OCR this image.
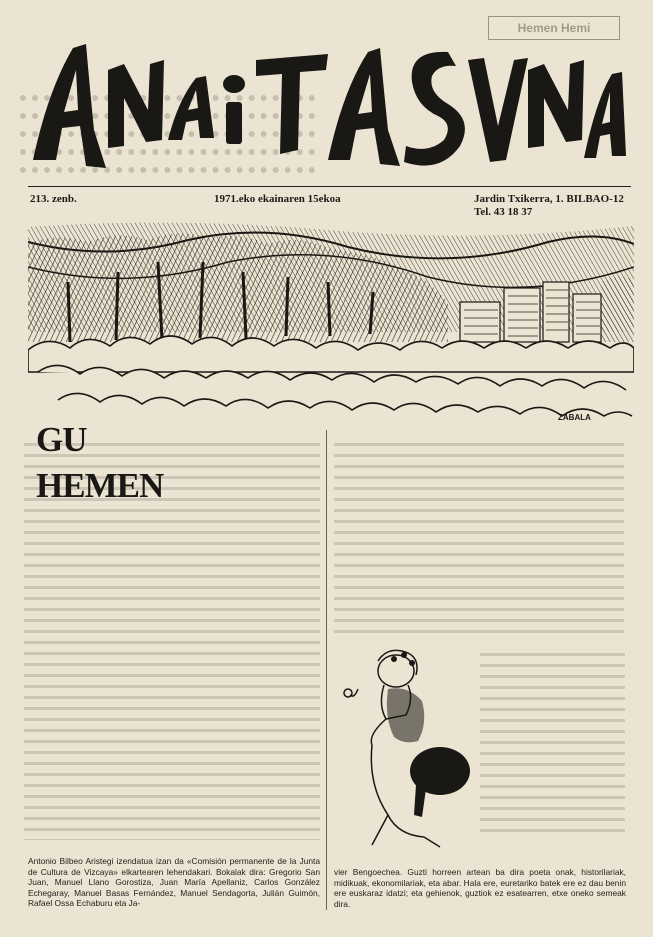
Hemen Hemi
213. zenb.	1971.eko ekainaren 15ekoa	Jardin Txikerra, 1. BILBAO-12
Tel. 43 18 37
ZABALA
GU
HEMEN
Antonio Bilbeo Aristegi izendatua izan da «Comisión permanente de la Junta de Cultura de Vizcaya» elkartearen lehendakari. Bokalak dira: Gregorio San Juan, Manuel Llano Gorostiza, Juan María Apellaniz, Carlos González Echegaray, Manuel Basas Fernández, Manuel Sendagorta, Julián Guimón, Rafael Ossa Echaburu eta Ja-
vier Bengoechea. Guzti horreen artean ba dira poeta onak, historilariak, midikuak, ekonomilariak, eta abar. Hala ere, euretariko batek ere ez dau benin ere euskaraz idatzi; eta gehienok, guztiok ez esatearren, etxe oneko semeak dira.
